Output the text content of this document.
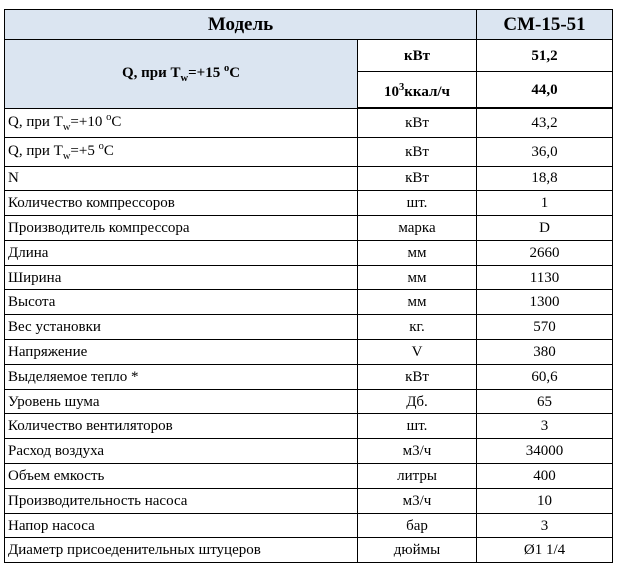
Модель		СМ-15-51
Q, при $T_w=+15$ $^o$C	кВт	51,2
	$10^3ккал/ч$	44,0
Q, при $T_w=+10$ $^o$C	кВт	43,2
Q, при $T_w=+5$ $^o$C	кВт	36,0
N	кВт	18,8
Количество компрессоров	шт.	1
Производитель компрессора	марка	D
Длина	мм	2660
Ширина	мм	1130
Высота	мм	1300
Вес установки	кг.	570
Напряжение	V	380
Выделяемое тепло *	кВт	60,6
Уровень шума	Дб.	65
Количество вентиляторов	шт.	3
Расход воздуха	м3/ч	34000
Объем емкость	литры	400
Производительность насоса	м3/ч	10
Напор насоса	бар	3
Диаметр присоеденительных штуцеров	дюймы	Ø1 1/4
